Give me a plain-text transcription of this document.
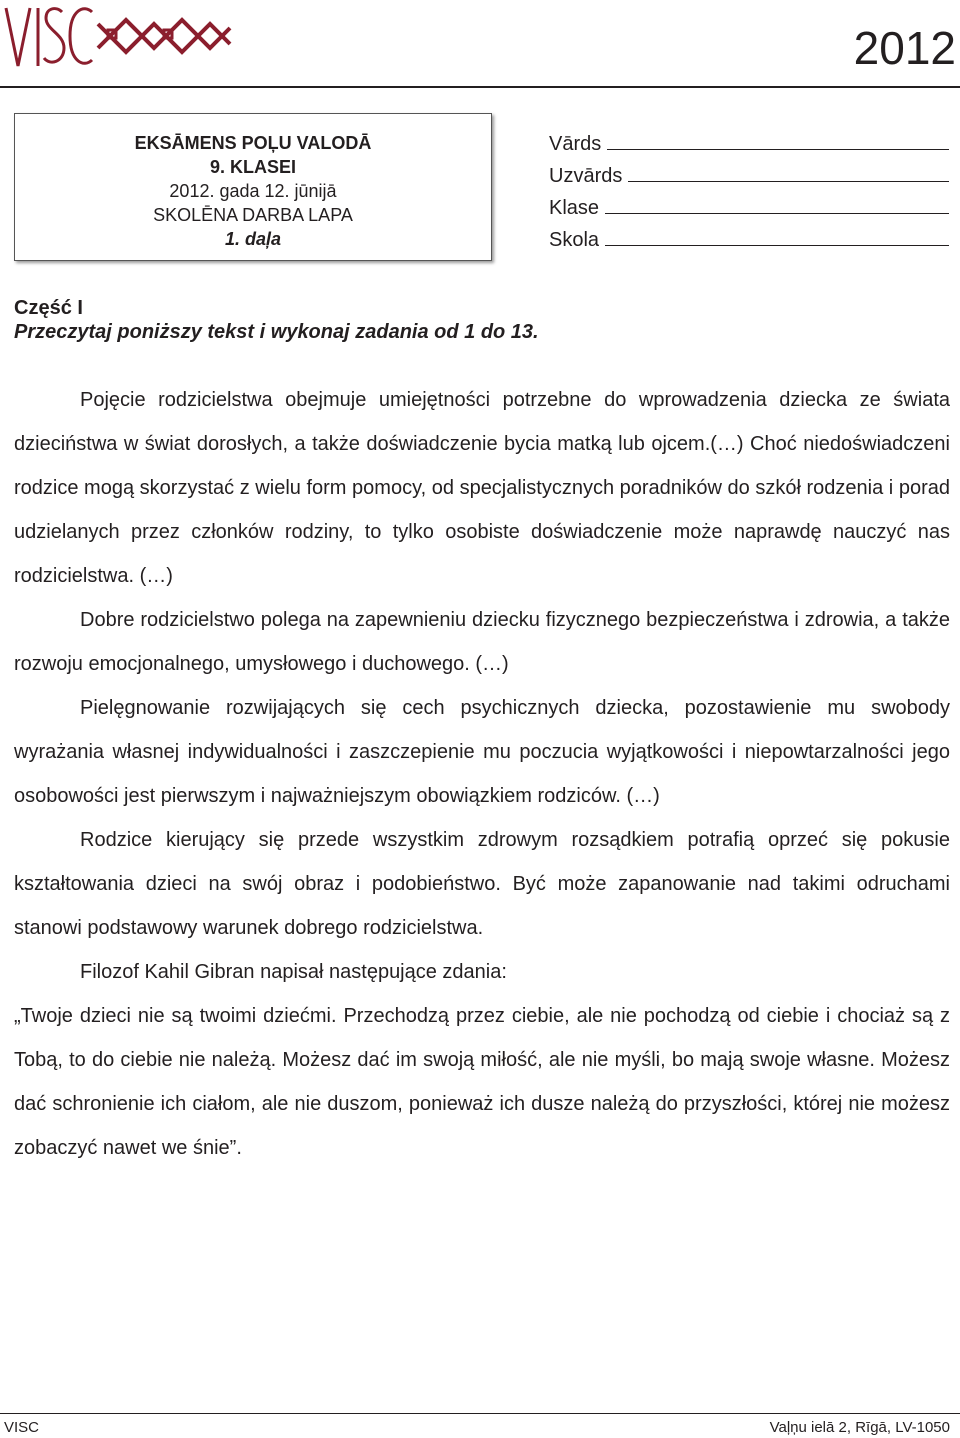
2012
EKSĀMENS POĻU VALODĀ
9. KLASEI
2012. gada 12. jūnijā
SKOLĒNA DARBA LAPA
1. daļa
Vārds
Uzvārds
Klase
Skola
Część I
Przeczytaj poniższy tekst i wykonaj zadania od 1 do 13.

Pojęcie rodzicielstwa obejmuje umiejętności potrzebne do wprowadzenia dziecka ze świata dzieciństwa w świat dorosłych, a także doświadczenie bycia matką lub ojcem.(…) Choć niedoświadczeni rodzice mogą skorzystać z wielu form pomocy, od specjalistycznych poradników do szkół rodzenia i porad udzielanych przez członków rodziny, to tylko osobiste doświadczenie może naprawdę nauczyć nas rodzicielstwa. (…)

Dobre rodzicielstwo polega na zapewnieniu dziecku fizycznego bezpieczeństwa i zdrowia, a także rozwoju emocjonalnego, umysłowego i duchowego. (…)

Pielęgnowanie rozwijających się cech psychicznych dziecka, pozostawienie mu swobody wyrażania własnej indywidualności i zaszczepienie mu poczucia wyjątkowości i niepowtarzalności jego osobowości jest pierwszym i najważniejszym obowiązkiem rodziców. (…)

Rodzice kierujący się przede wszystkim zdrowym rozsądkiem potrafią oprzeć się pokusie kształtowania dzieci na swój obraz i podobieństwo. Być może zapanowanie nad takimi odruchami stanowi podstawowy warunek dobrego rodzicielstwa.

Filozof Kahil Gibran napisał następujące zdania:

„Twoje dzieci nie są twoimi dziećmi. Przechodzą przez ciebie, ale nie pochodzą od ciebie i chociaż są z Tobą, to do ciebie nie należą. Możesz dać im swoją miłość, ale nie myśli, bo mają swoje własne. Możesz dać schronienie ich ciałom, ale nie duszom, ponieważ ich dusze należą do przyszłości, której nie możesz zobaczyć nawet we śnie”.

VISC	Vaļņu ielā 2, Rīgā, LV-1050
